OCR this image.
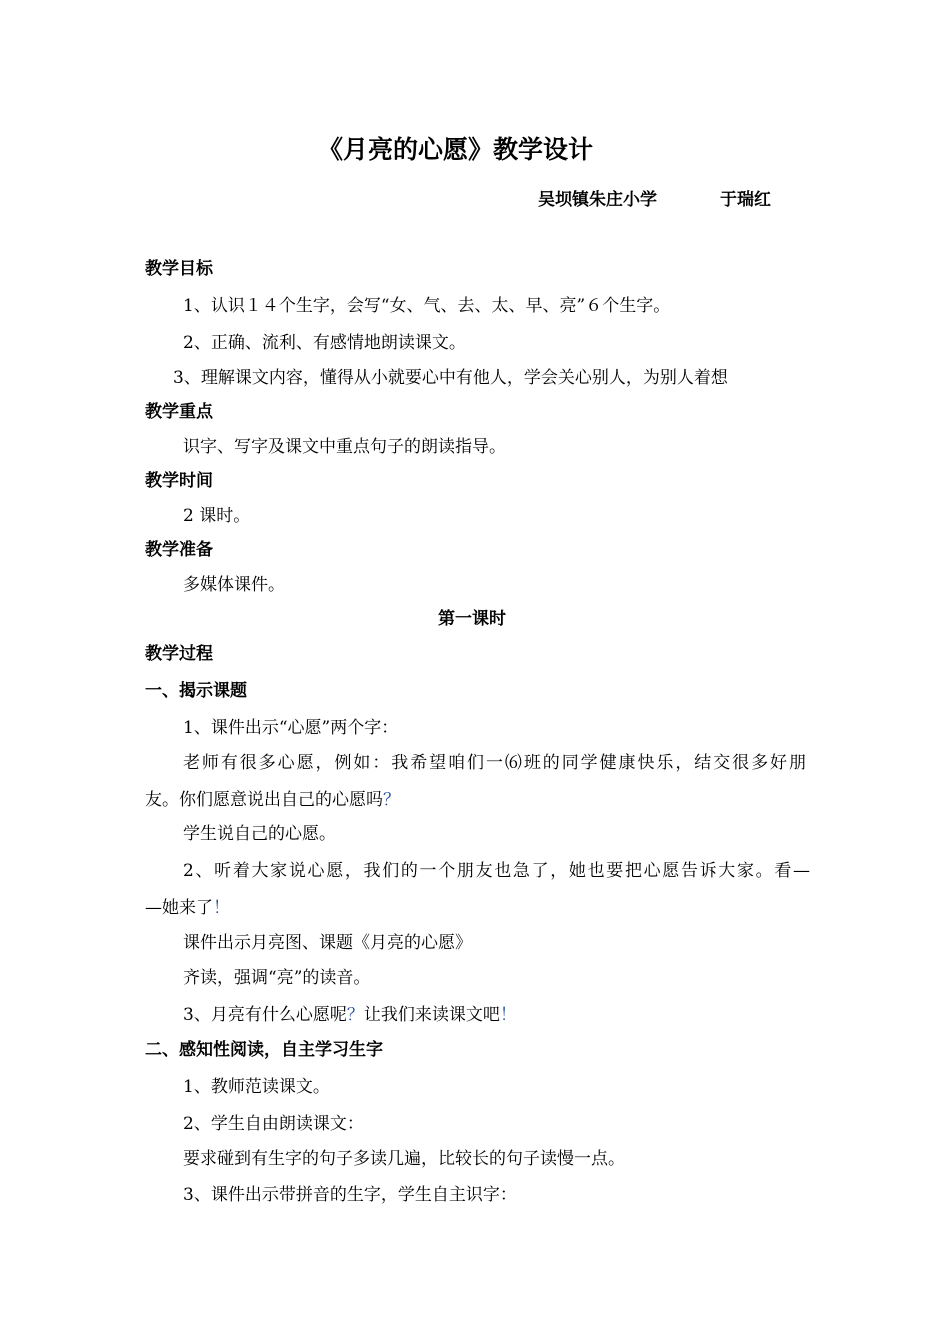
《月亮的心愿》教学设计
吴坝镇朱庄小学	于瑞红
教学目标
1、认识１４个生字，会写“女、气、去、太、早、亮”６个生字。
2、正确、流利、有感情地朗读课文。
3、理解课文内容，懂得从小就要心中有他人，学会关心别人，为别人着想
教学重点
识字、写字及课文中重点句子的朗读指导。
教学时间
2 课时。
教学准备
多媒体课件。
第一课时
教学过程
一、揭示课题
1、课件出示“心愿”两个字：
老师有很多心愿，例如：我希望咱们一⑹班的同学健康快乐，结交很多好朋
友。你们愿意说出自己的心愿吗？
学生说自己的心愿。
2、听着大家说心愿，我们的一个朋友也急了，她也要把心愿告诉大家。看—
—她来了！
课件出示月亮图、课题《月亮的心愿》
齐读，强调“亮”的读音。
3、月亮有什么心愿呢？让我们来读课文吧！
二、感知性阅读，自主学习生字
1、教师范读课文。
2、学生自由朗读课文：
要求碰到有生字的句子多读几遍，比较长的句子读慢一点。
3、课件出示带拼音的生字，学生自主识字：
